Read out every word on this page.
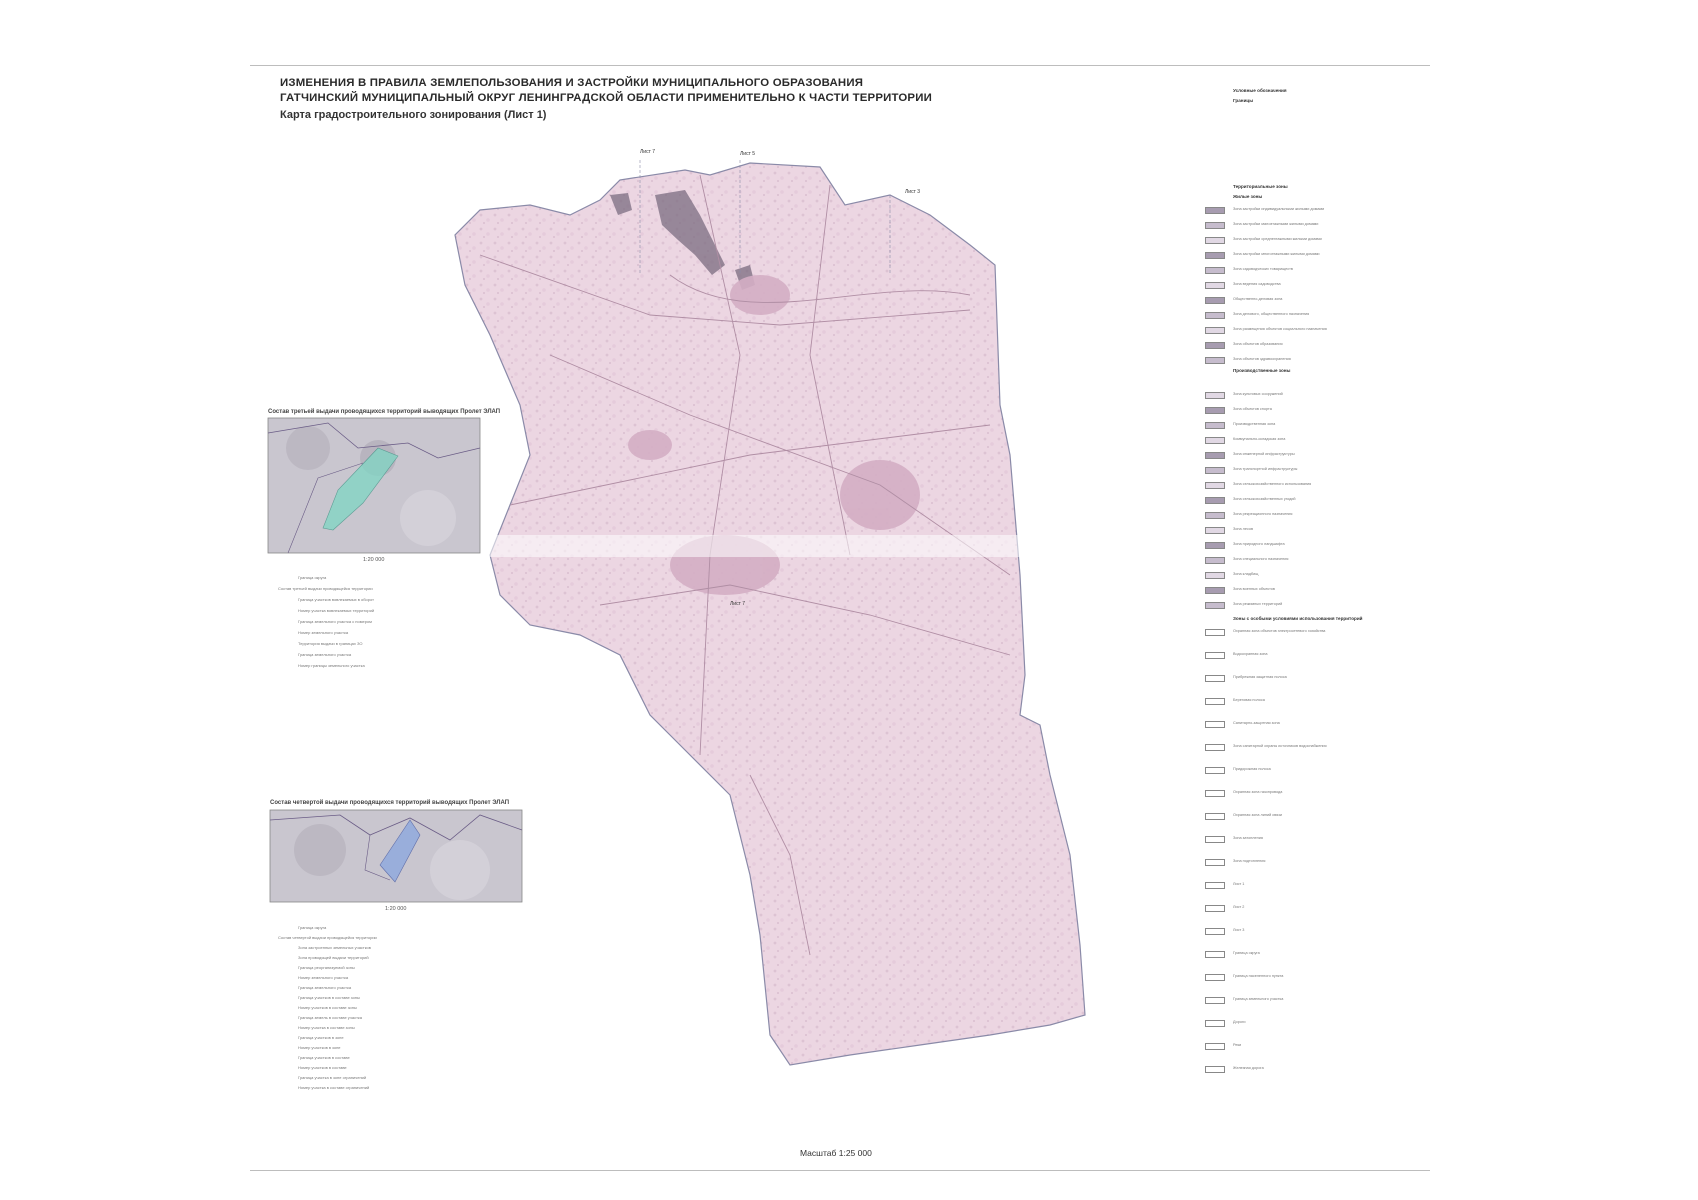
ИЗМЕНЕНИЯ В ПРАВИЛА ЗЕМЛЕПОЛЬЗОВАНИЯ И ЗАСТРОЙКИ МУНИЦИПАЛЬНОГО ОБРАЗОВАНИЯ
ГАТЧИНСКИЙ МУНИЦИПАЛЬНЫЙ ОКРУГ ЛЕНИНГРАДСКОЙ ОБЛАСТИ ПРИМЕНИТЕЛЬНО К ЧАСТИ ТЕРРИТОРИИ
Карта градостроительного зонирования (Лист 1)
Лист 7	Лист 5
Лист 3
Лист 7
Состав третьей выдачи проводящихся территорий выводящих Пролет ЭЛАП
1:20 000
Граница округа
Состав третьей выдачи проводящейся территории
Граница участков вовлекаемых в оборот
Номер участка вовлекаемых территорий
Граница земельного участка с номером
Номер земельного участка
Территория выдачи в границах ЗО
Граница земельного участка
Номер границы земельного участка
Состав четвертой выдачи проводящихся территорий выводящих Пролет ЭЛАП
1:20 000
Граница округа
Состав четвертой выдачи проводящейся территории
Зона застроенных земельных участков
Зона проводящей выдачи территорий
Граница реорганизуемой зоны
Номер земельного участка
Граница земельного участка
Граница участков в составе зоны
Номер участков в составе зоны
Граница земель в составе участка
Номер участка в составе зоны
Граница участков в зоне
Номер участков в зоне
Граница участков в составе
Номер участков в составе
Граница участка в зоне ограничений
Номер участка в составе ограничений
Условные обозначения
Границы
Территориальные зоны
Жилые зоны
Зона застройки индивидуальными жилыми домами
Зона застройки малоэтажными жилыми домами
Зона застройки среднеэтажными жилыми домами
Зона застройки многоэтажными жилыми домами
Зона садоводческих товариществ
Зона ведения садоводства
Общественно-деловая зона
Зона делового, общественного назначения
Зона размещения объектов социального назначения
Зона объектов образования
Зона объектов здравоохранения
Зона культовых сооружений
Зона объектов спорта
Производственная зона
Коммунально-складская зона
Зона инженерной инфраструктуры
Зона транспортной инфраструктуры
Зона сельскохозяйственного использования
Зона сельскохозяйственных угодий
Зона рекреационного назначения
Зона лесов
Зона природного ландшафта
Зона специального назначения
Зона кладбищ
Зона военных объектов
Зона режимных территорий
Производственные зоны
Зоны с особыми условиями использования территорий
Охранная зона объектов электросетевого хозяйства
Водоохранная зона
Прибрежная защитная полоса
Береговая полоса
Санитарно-защитная зона
Зона санитарной охраны источников водоснабжения
Придорожная полоса
Охранная зона газопровода
Охранная зона линий связи
Зона затопления
Зона подтопления
Лист 1
Лист 2
Лист 3
Граница округа
Граница населенного пункта
Граница земельного участка
Дороги
Реки
Железная дорога
Масштаб 1:25 000
